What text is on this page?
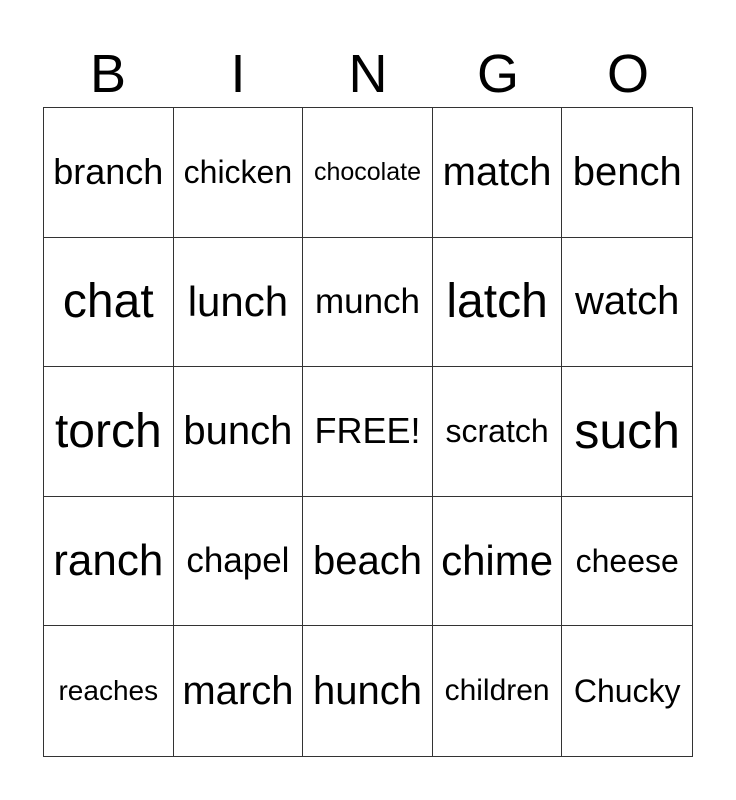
B	I	N	G	O
branch chicken chocolate match bench
chat lunch munch latch watch
torch bunch FREE! scratch such
ranch chapel beach chime cheese
reaches march hunch children Chucky
